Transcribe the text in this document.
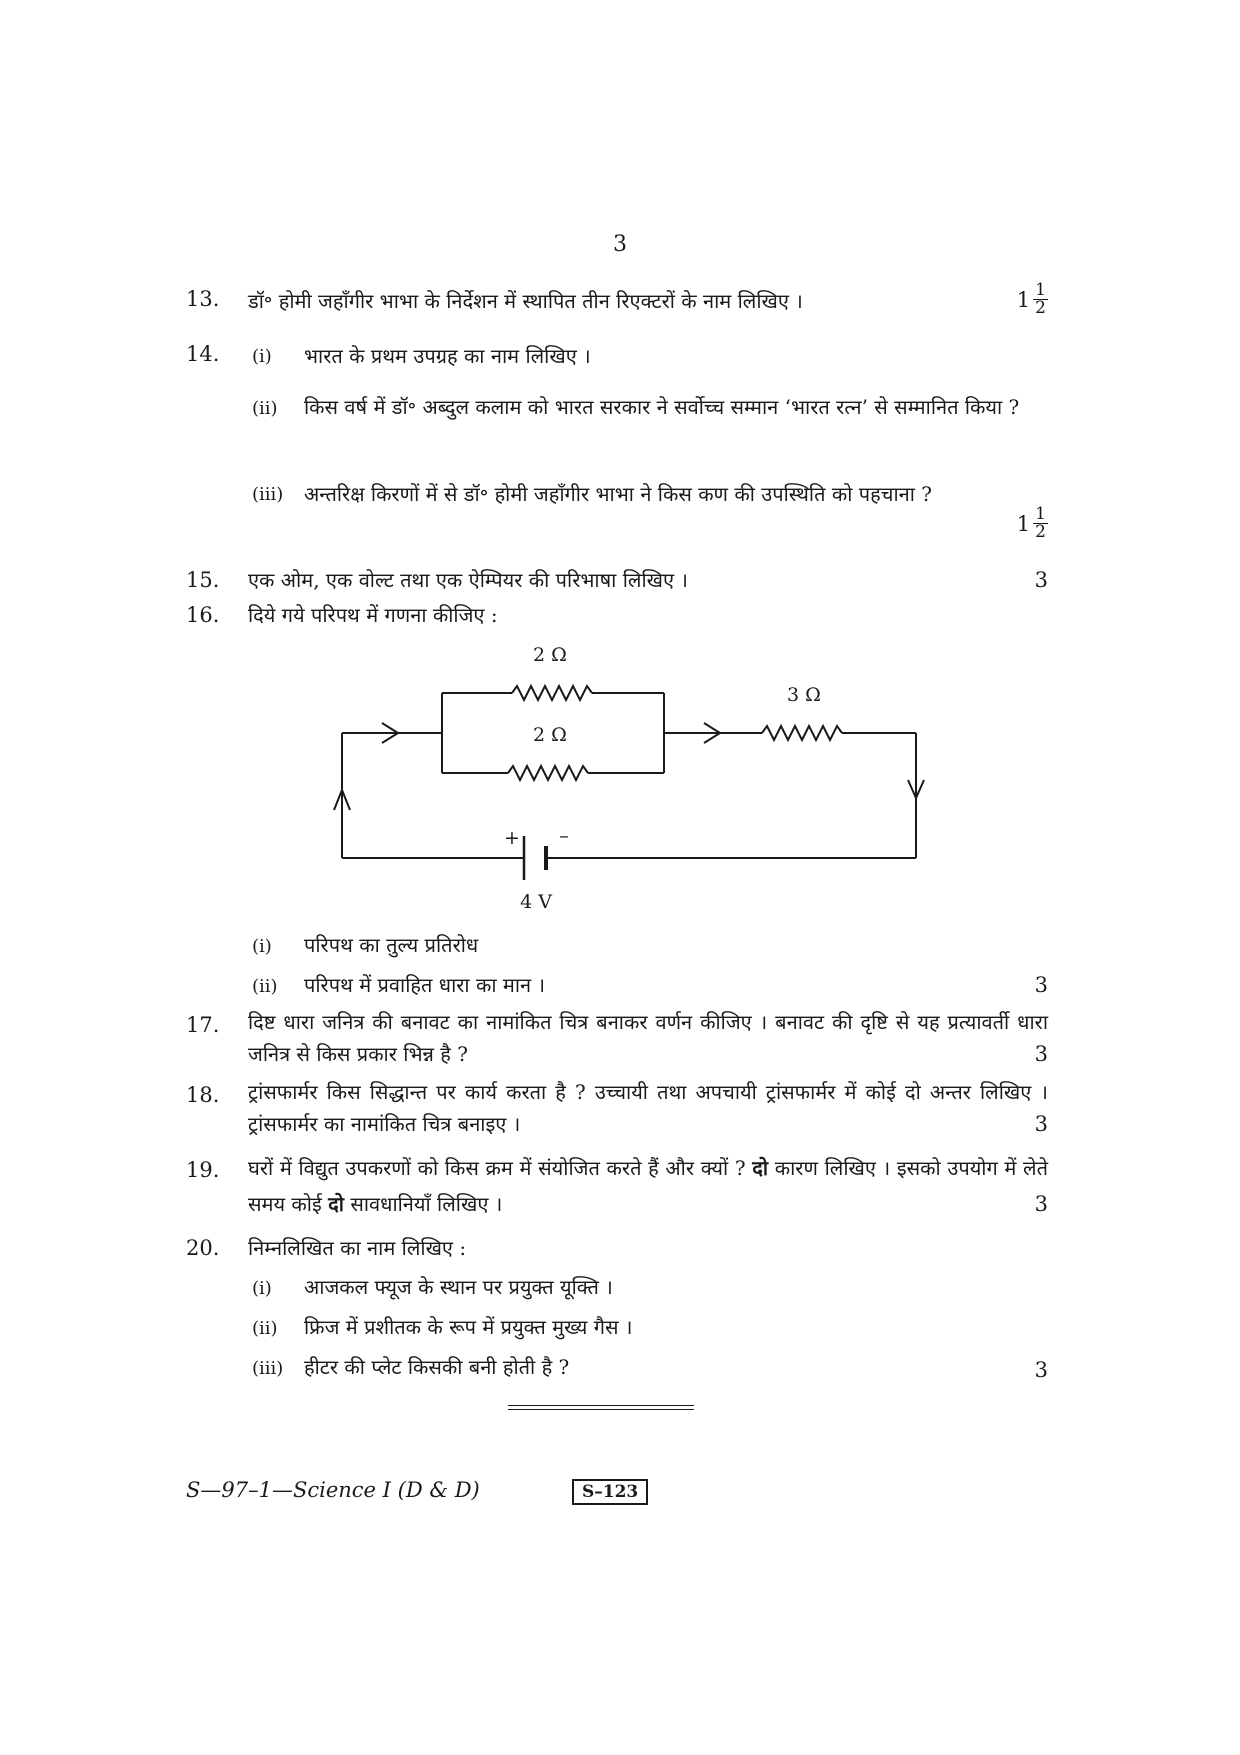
3
13.	डॉ॰ होमी जहाँगीर भाभा के निर्देशन में स्थापित तीन रिएक्टरों के नाम लिखिए ।	$1 \frac{1}{2}$
14.	(i)	भारत के प्रथम उपग्रह का नाम लिखिए ।
(ii)	किस वर्ष में डॉ॰ अब्दुल कलाम को भारत सरकार ने सर्वोच्च सम्मान ‘भारत रत्न’ से सम्मानित किया ?
(iii)	अन्तरिक्ष किरणों में से डॉ॰ होमी जहाँगीर भाभा ने किस कण की उपस्थिति को पहचाना ?
$1 \frac{1}{2}$
15.	एक ओम, एक वोल्ट तथा एक ऐम्पियर की परिभाषा लिखिए ।	3
16.	दिये गये परिपथ में गणना कीजिए :
2 Ω
2 Ω
3 Ω
+ –
4 V
(i)	परिपथ का तुल्य प्रतिरोध
(ii)	परिपथ में प्रवाहित धारा का मान ।	3
17.	दिष्ट धारा जनित्र की बनावट का नामांकित चित्र बनाकर वर्णन कीजिए । बनावट की दृष्टि से यह प्रत्यावर्ती धारा जनित्र से किस प्रकार भिन्न है ?	3
18.	ट्रांसफार्मर किस सिद्धान्त पर कार्य करता है ? उच्चायी तथा अपचायी ट्रांसफार्मर में कोई दो अन्तर लिखिए । ट्रांसफार्मर का नामांकित चित्र बनाइए ।	3
19.	घरों में विद्युत उपकरणों को किस क्रम में संयोजित करते हैं और क्यों ? दो कारण लिखिए । इसको उपयोग में लेते समय कोई दो सावधानियाँ लिखिए ।	3
20.	निम्नलिखित का नाम लिखिए :
(i)	आजकल फ्यूज के स्थान पर प्रयुक्त यूक्ति ।
(ii)	फ्रिज में प्रशीतक के रूप में प्रयुक्त मुख्य गैस ।
(iii)	हीटर की प्लेट किसकी बनी होती है ?	3
S—97–1—Science I (D & D)	S–123
